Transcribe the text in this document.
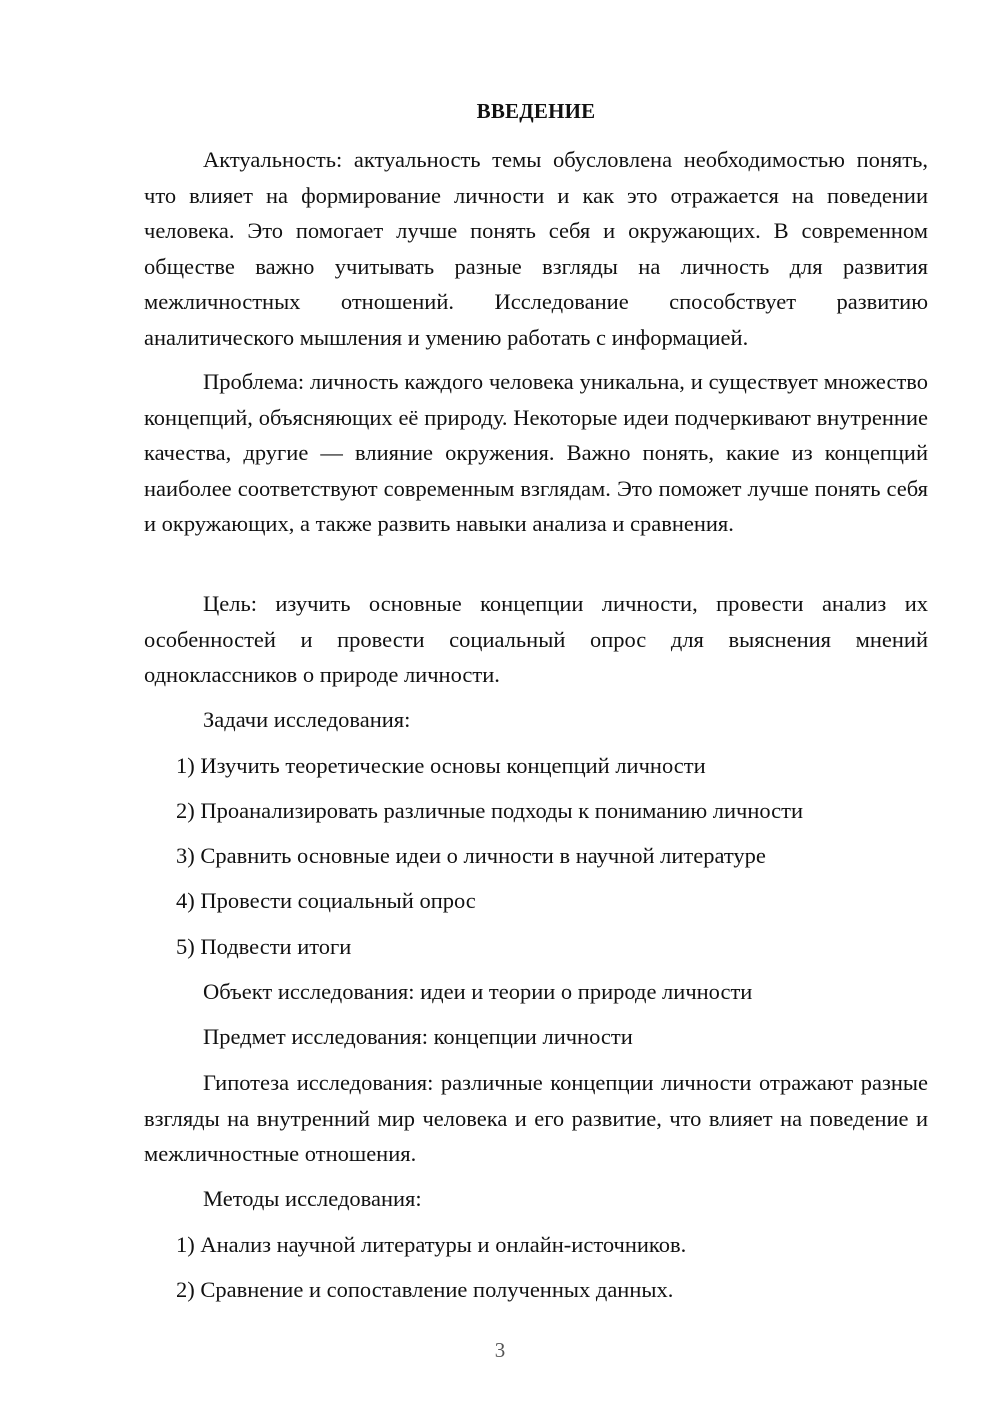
ВВЕДЕНИЕ

Актуальность: актуальность темы обусловлена необходимостью понять, что влияет на формирование личности и как это отражается на поведении человека. Это помогает лучше понять себя и окружающих. В современном обществе важно учитывать разные взгляды на личность для развития межличностных отношений. Исследование способствует развитию аналитического мышления и умению работать с информацией.

Проблема: личность каждого человека уникальна, и существует множество концепций, объясняющих её природу. Некоторые идеи подчеркивают внутренние качества, другие — влияние окружения. Важно понять, какие из концепций наиболее соответствуют современным взглядам. Это поможет лучше понять себя и окружающих, а также развить навыки анализа и сравнения.

Цель: изучить основные концепции личности, провести анализ их особенностей и провести социальный опрос для выяснения мнений одноклассников о природе личности.

Задачи исследования:

1) Изучить теоретические основы концепций личности

2) Проанализировать различные подходы к пониманию личности

3) Сравнить основные идеи о личности в научной литературе

4) Провести социальный опрос

5) Подвести итоги

Объект исследования: идеи и теории о природе личности

Предмет исследования: концепции личности

Гипотеза исследования: различные концепции личности отражают разные взгляды на внутренний мир человека и его развитие, что влияет на поведение и межличностные отношения.

Методы исследования:

1) Анализ научной литературы и онлайн-источников.

2) Сравнение и сопоставление полученных данных.

3
